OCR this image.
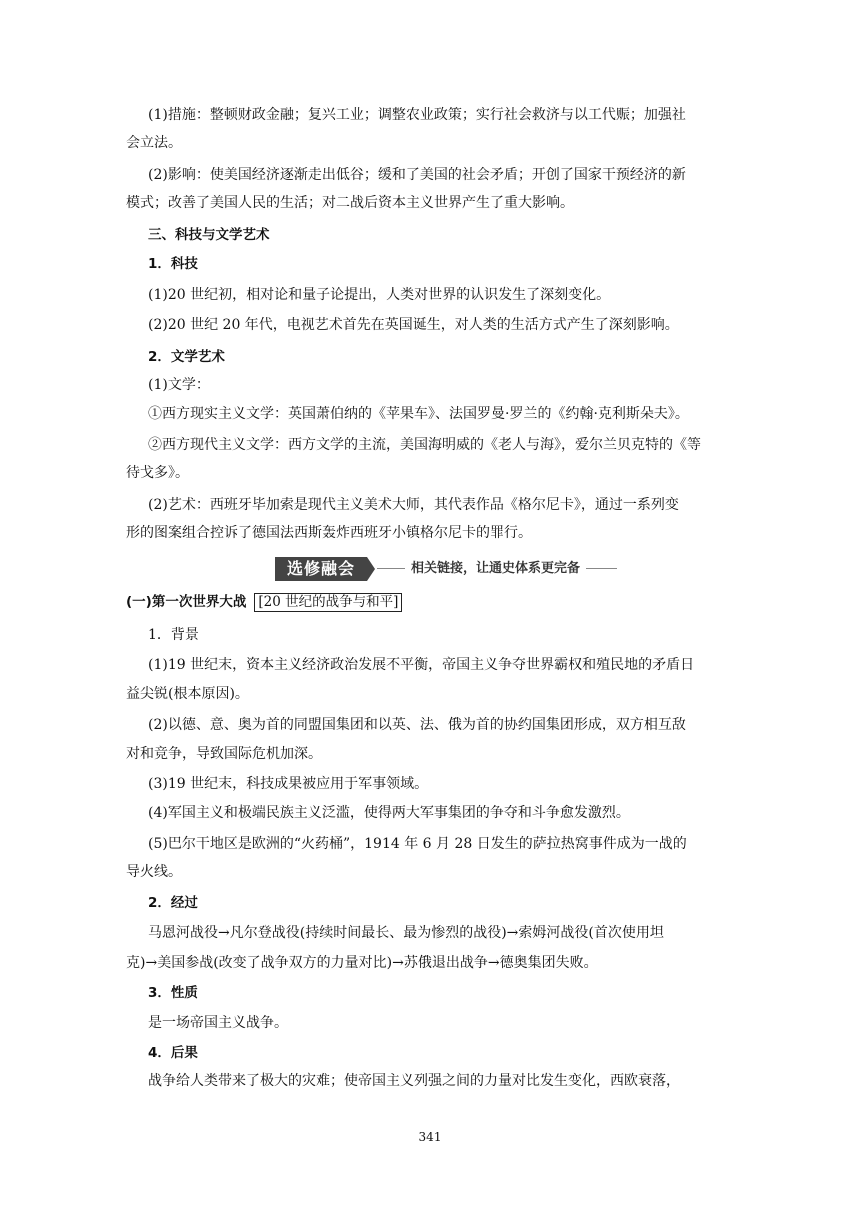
(1)措施：整顿财政金融；复兴工业；调整农业政策；实行社会救济与以工代赈；加强社
会立法。
(2)影响：使美国经济逐渐走出低谷；缓和了美国的社会矛盾；开创了国家干预经济的新
模式；改善了美国人民的生活；对二战后资本主义世界产生了重大影响。
三、科技与文学艺术
1．科技
(1)20 世纪初，相对论和量子论提出，人类对世界的认识发生了深刻变化。
(2)20 世纪 20 年代，电视艺术首先在英国诞生，对人类的生活方式产生了深刻影响。
2．文学艺术
(1)文学：
①西方现实主义文学：英国萧伯纳的《苹果车》、法国罗曼·罗兰的《约翰·克利斯朵夫》。
②西方现代主义文学：西方文学的主流，美国海明威的《老人与海》，爱尔兰贝克特的《等
待戈多》。
(2)艺术：西班牙毕加索是现代主义美术大师，其代表作品《格尔尼卡》，通过一系列变
形的图案组合控诉了德国法西斯轰炸西班牙小镇格尔尼卡的罪行。
选修融会	相关链接，让通史体系更完备
(一)第一次世界大战 [20 世纪的战争与和平]
1．背景
(1)19 世纪末，资本主义经济政治发展不平衡，帝国主义争夺世界霸权和殖民地的矛盾日
益尖锐(根本原因)。
(2)以德、意、奥为首的同盟国集团和以英、法、俄为首的协约国集团形成，双方相互敌
对和竞争，导致国际危机加深。
(3)19 世纪末，科技成果被应用于军事领域。
(4)军国主义和极端民族主义泛滥，使得两大军事集团的争夺和斗争愈发激烈。
(5)巴尔干地区是欧洲的“火药桶”，1914 年 6 月 28 日发生的萨拉热窝事件成为一战的
导火线。
2．经过
马恩河战役→凡尔登战役(持续时间最长、最为惨烈的战役)→索姆河战役(首次使用坦
克)→美国参战(改变了战争双方的力量对比)→苏俄退出战争→德奥集团失败。
3．性质
是一场帝国主义战争。
4．后果
战争给人类带来了极大的灾难；使帝国主义列强之间的力量对比发生变化，西欧衰落，
341
